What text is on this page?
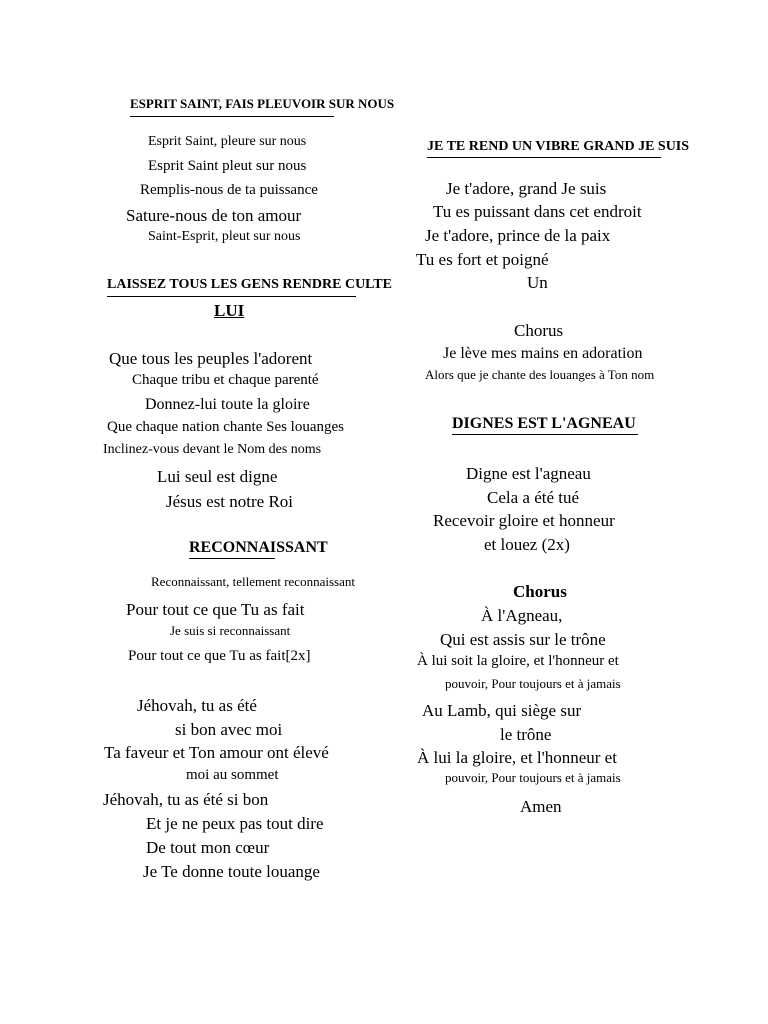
ESPRIT SAINT, FAIS PLEUVOIR SUR NOUS
Esprit Saint, pleure sur nous
Esprit Saint pleut sur nous
Remplis-nous de ta puissance
Sature-nous de ton amour
Saint-Esprit, pleut sur nous
LAISSEZ TOUS LES GENS RENDRE CULTE
LUI
Que tous les peuples l'adorent
Chaque tribu et chaque parenté
Donnez-lui toute la gloire
Que chaque nation chante Ses louanges
Inclinez-vous devant le Nom des noms
Lui seul est digne
Jésus est notre Roi
RECONNAISSANT
Reconnaissant, tellement reconnaissant
Pour tout ce que Tu as fait
Je suis si reconnaissant
Pour tout ce que Tu as fait[2x]
Jéhovah, tu as été
si bon avec moi
Ta faveur et Ton amour ont élevé
moi au sommet
Jéhovah, tu as été si bon
Et je ne peux pas tout dire
De tout mon cœur
Je Te donne toute louange
JE TE REND UN VIBRE GRAND JE SUIS
Je t'adore, grand Je suis
Tu es puissant dans cet endroit
Je t'adore, prince de la paix
Tu es fort et poigné
Un
Chorus
Je lève mes mains en adoration
Alors que je chante des louanges à Ton nom
DIGNES EST L'AGNEAU
Digne est l'agneau
Cela a été tué
Recevoir gloire et honneur
et louez (2x)
Chorus
À l'Agneau,
Qui est assis sur le trône
À lui soit la gloire, et l'honneur et
pouvoir, Pour toujours et à jamais
Au Lamb, qui siège sur
le trône
À lui la gloire, et l'honneur et
pouvoir, Pour toujours et à jamais
Amen
